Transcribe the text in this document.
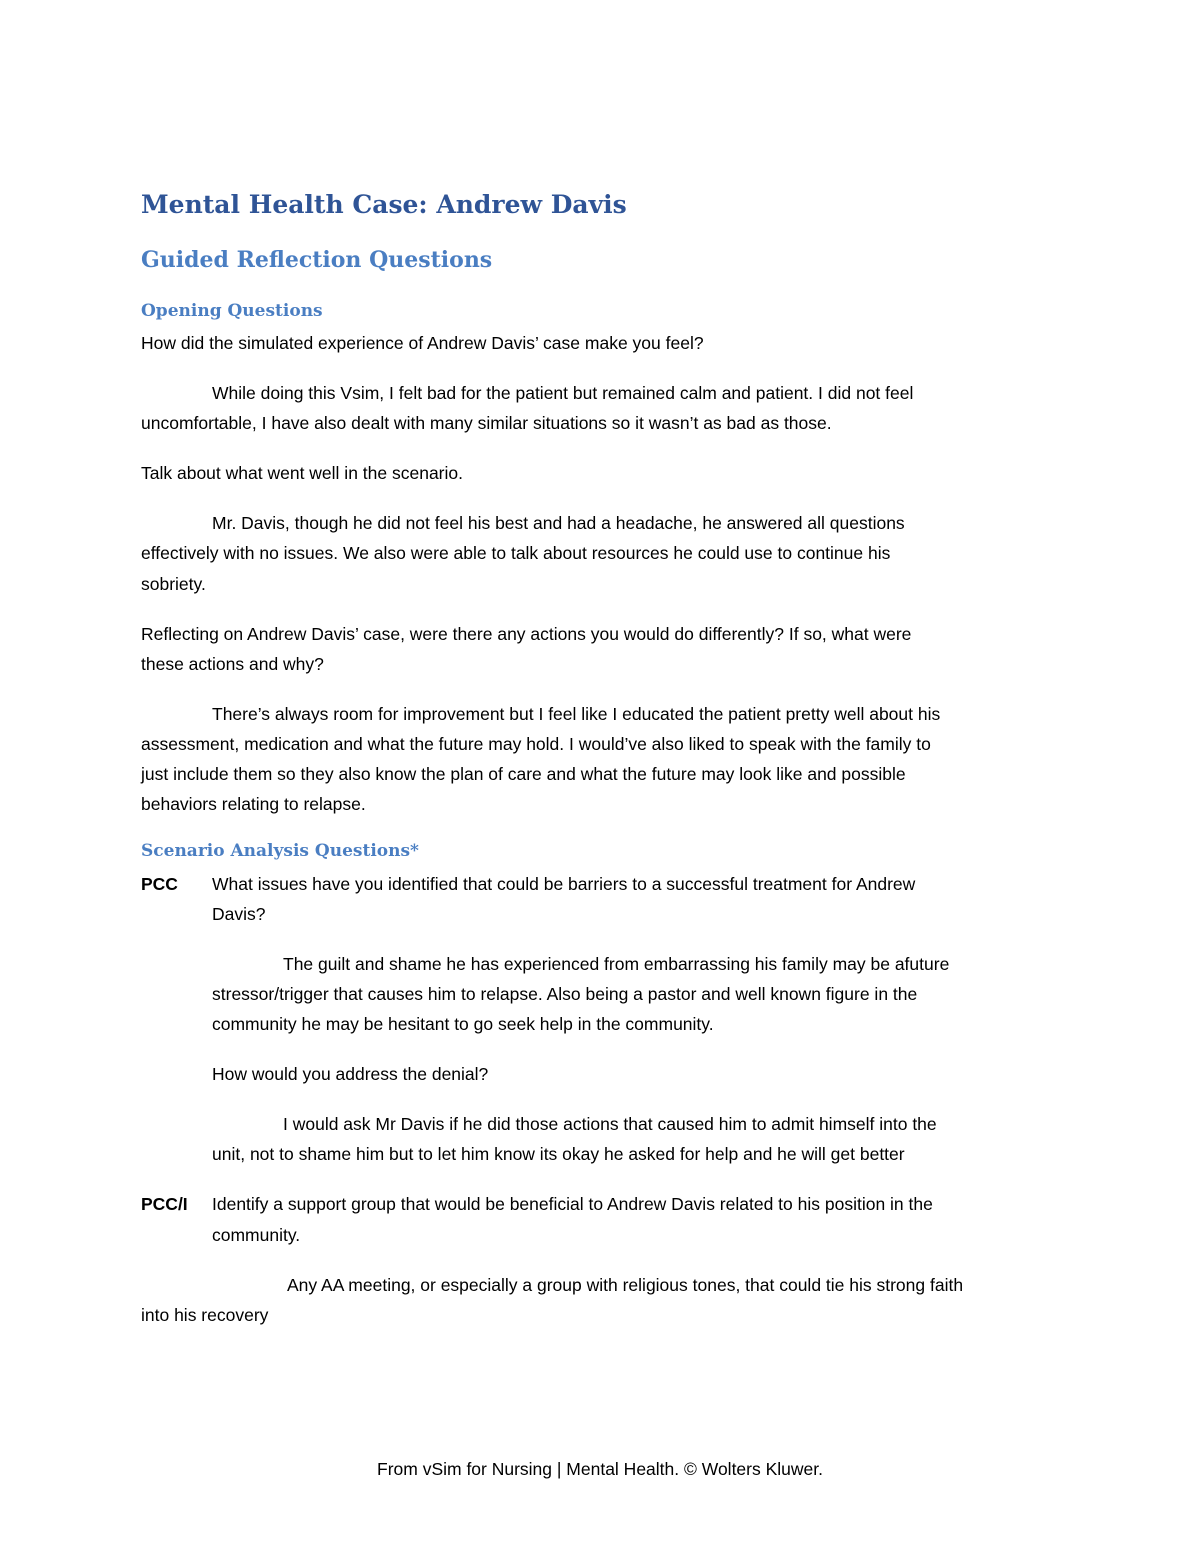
Mental Health Case: Andrew Davis
Guided Reflection Questions
Opening Questions
How did the simulated experience of Andrew Davis’ case make you feel?
While doing this Vsim, I felt bad for the patient but remained calm and patient. I did not feel
uncomfortable, I have also dealt with many similar situations so it wasn’t as bad as those.
Talk about what went well in the scenario.
Mr. Davis, though he did not feel his best and had a headache, he answered all questions
effectively with no issues. We also were able to talk about resources he could use to continue his
sobriety.
Reflecting on Andrew Davis’ case, were there any actions you would do differently? If so, what were
these actions and why?
There’s always room for improvement but I feel like I educated the patient pretty well about his
assessment, medication and what the future may hold. I would’ve also liked to speak with the family to
just include them so they also know the plan of care and what the future may look like and possible
behaviors relating to relapse.
Scenario Analysis Questions*
PCC What issues have you identified that could be barriers to a successful treatment for Andrew
Davis?
The guilt and shame he has experienced from embarrassing his family may be afuture
stressor/trigger that causes him to relapse. Also being a pastor and well known figure in the
community he may be hesitant to go seek help in the community.
How would you address the denial?
I would ask Mr Davis if he did those actions that caused him to admit himself into the
unit, not to shame him but to let him know its okay he asked for help and he will get better
PCC/I Identify a support group that would be beneficial to Andrew Davis related to his position in the
community.
Any AA meeting, or especially a group with religious tones, that could tie his strong faith
into his recovery
From vSim for Nursing | Mental Health. © Wolters Kluwer.
